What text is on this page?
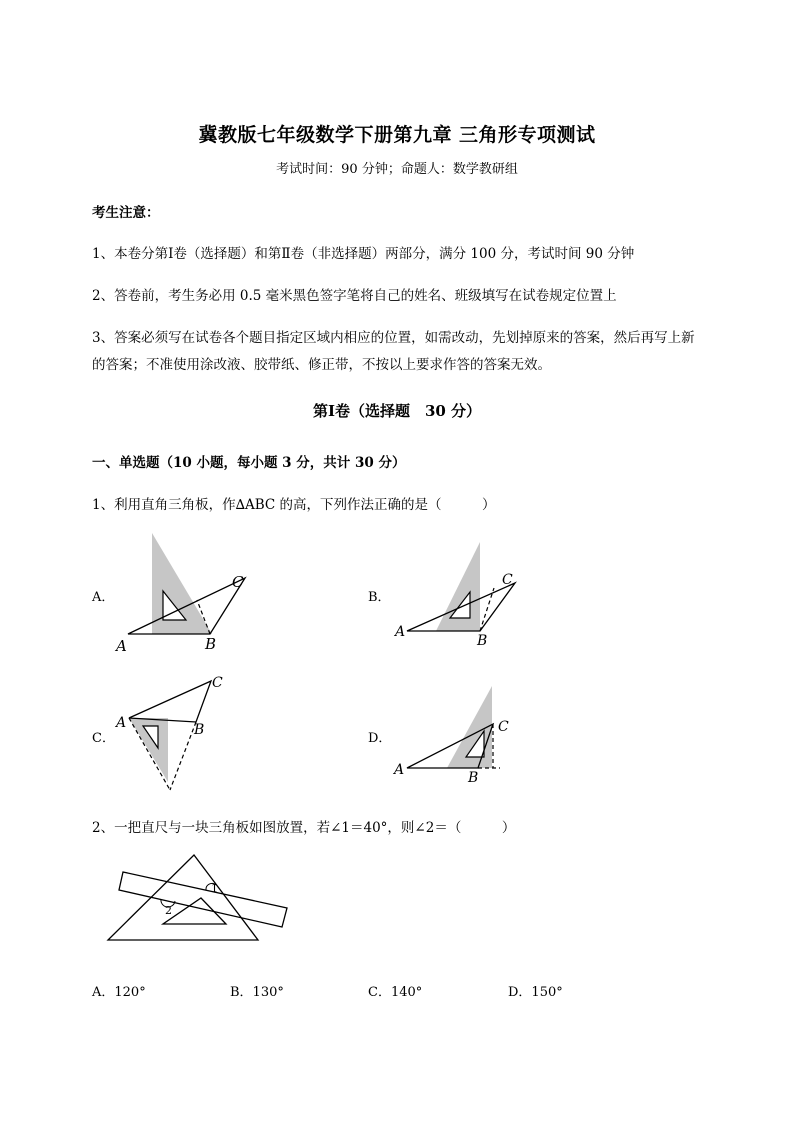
冀教版七年级数学下册第九章 三角形专项测试
考试时间：90 分钟；命题人：数学教研组
考生注意：
1、本卷分第Ⅰ卷（选择题）和第Ⅱ卷（非选择题）两部分，满分 100 分，考试时间 90 分钟
2、答卷前，考生务必用 0.5 毫米黑色签字笔将自己的姓名、班级填写在试卷规定位置上
3、答案必须写在试卷各个题目指定区域内相应的位置，如需改动，先划掉原来的答案，然后再写上新
的答案；不准使用涂改液、胶带纸、修正带，不按以上要求作答的答案无效。
第Ⅰ卷（选择题　30 分）
一、单选题（10 小题，每小题 3 分，共计 30 分）
1、利用直角三角板，作∆ABC 的高，下列作法正确的是（　　　）
A．	B．
C．	D．
A	B
C
A
B
C
A	B
C
A	B
C
2、一把直尺与一块三角板如图放置，若∠1＝40°，则∠2＝（　　　）
1
2
A．120°	B．130°	C．140°	D．150°
